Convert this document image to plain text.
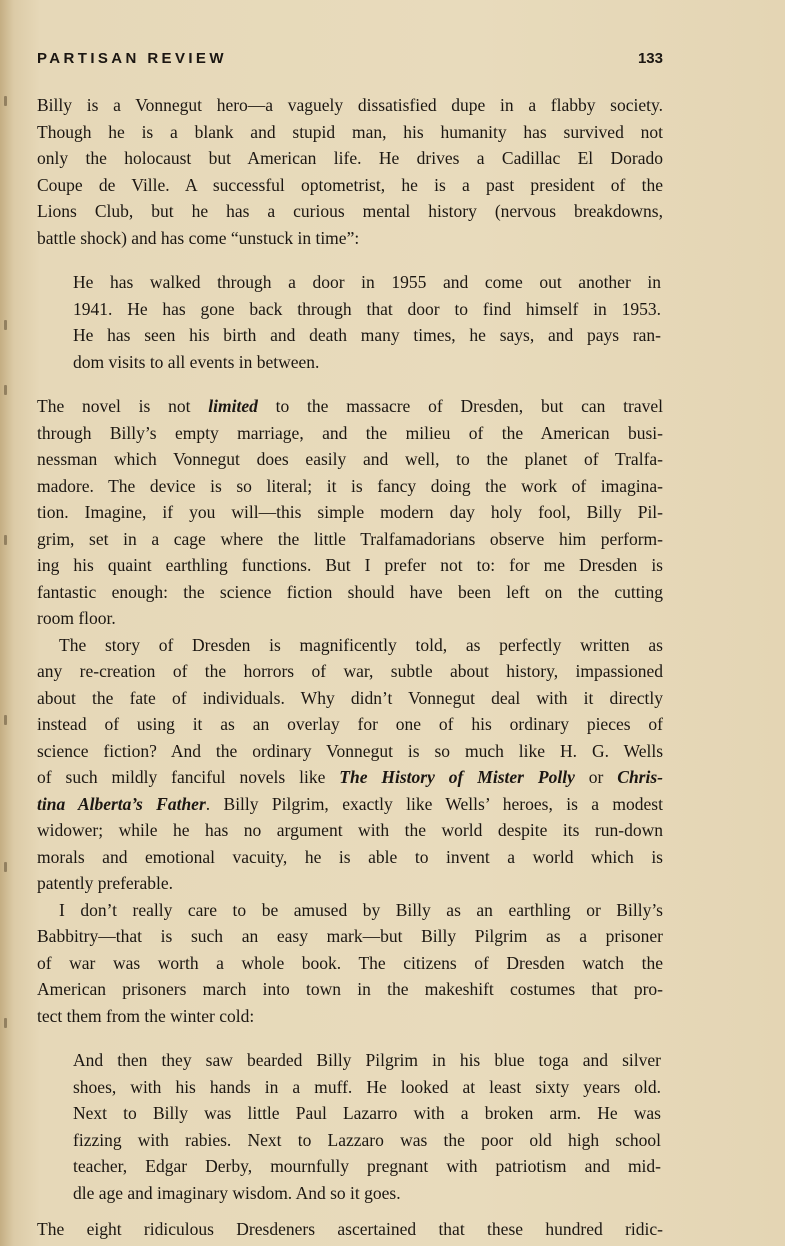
PARTISAN REVIEW	133
Billy is a Vonnegut hero—a vaguely dissatisfied dupe in a flabby society.
Though he is a blank and stupid man, his humanity has survived not
only the holocaust but American life. He drives a Cadillac El Dorado
Coupe de Ville. A successful optometrist, he is a past president of the
Lions Club, but he has a curious mental history (nervous breakdowns,
battle shock) and has come “unstuck in time”:
He has walked through a door in 1955 and come out another in
1941. He has gone back through that door to find himself in 1953.
He has seen his birth and death many times, he says, and pays ran-
dom visits to all events in between.
The novel is not limited to the massacre of Dresden, but can travel
through Billy’s empty marriage, and the milieu of the American busi-
nessman which Vonnegut does easily and well, to the planet of Tralfa-
madore. The device is so literal; it is fancy doing the work of imagina-
tion. Imagine, if you will—this simple modern day holy fool, Billy Pil-
grim, set in a cage where the little Tralfamadorians observe him perform-
ing his quaint earthling functions. But I prefer not to: for me Dresden is
fantastic enough: the science fiction should have been left on the cutting
room floor.
The story of Dresden is magnificently told, as perfectly written as
any re-creation of the horrors of war, subtle about history, impassioned
about the fate of individuals. Why didn’t Vonnegut deal with it directly
instead of using it as an overlay for one of his ordinary pieces of
science fiction? And the ordinary Vonnegut is so much like H. G. Wells
of such mildly fanciful novels like The History of Mister Polly or Chris-
tina Alberta’s Father. Billy Pilgrim, exactly like Wells’ heroes, is a modest
widower; while he has no argument with the world despite its run-down
morals and emotional vacuity, he is able to invent a world which is
patently preferable.
I don’t really care to be amused by Billy as an earthling or Billy’s
Babbitry—that is such an easy mark—but Billy Pilgrim as a prisoner
of war was worth a whole book. The citizens of Dresden watch the
American prisoners march into town in the makeshift costumes that pro-
tect them from the winter cold:
And then they saw bearded Billy Pilgrim in his blue toga and silver
shoes, with his hands in a muff. He looked at least sixty years old.
Next to Billy was little Paul Lazarro with a broken arm. He was
fizzing with rabies. Next to Lazzaro was the poor old high school
teacher, Edgar Derby, mournfully pregnant with patriotism and mid-
dle age and imaginary wisdom. And so it goes.
The eight ridiculous Dresdeners ascertained that these hundred ridic-
